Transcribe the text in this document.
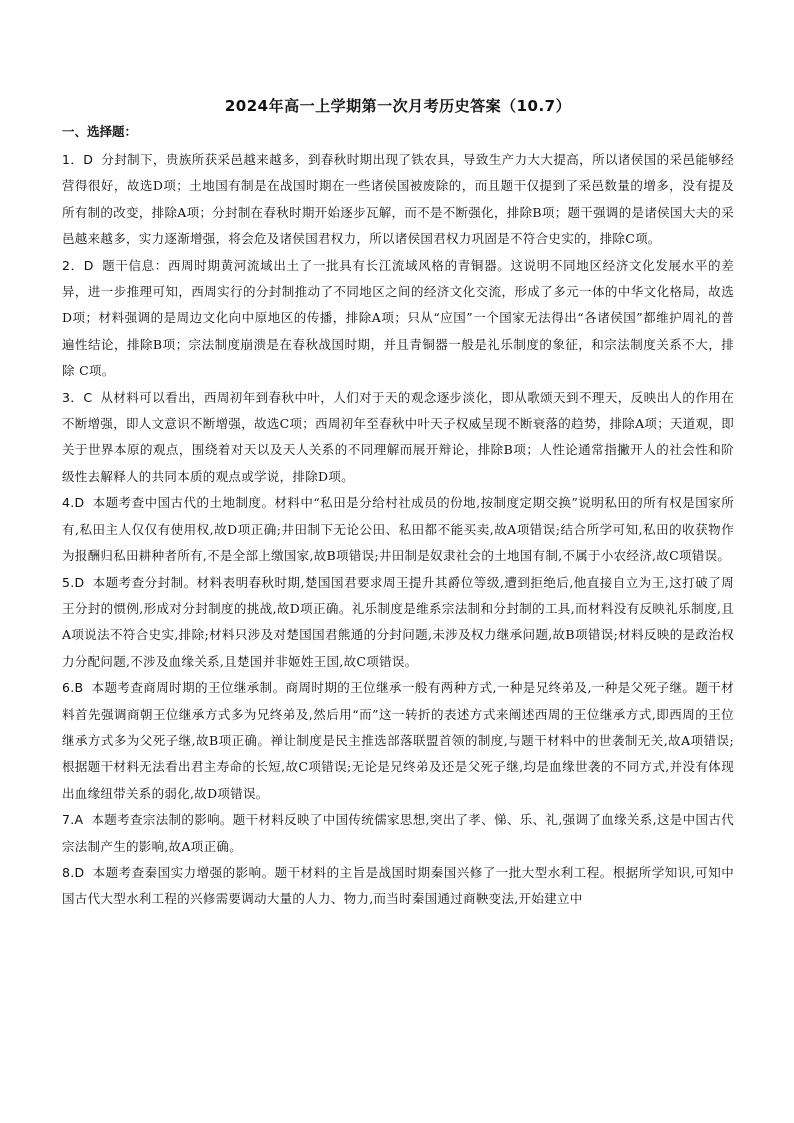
2024年高一上学期第一次月考历史答案（10.7）
一、选择题：

1．D 分封制下，贵族所获采邑越来越多，到春秋时期出现了铁农具，导致生产力大大提高，所以诸侯国的采邑能够经营得很好，故选D项；土地国有制是在战国时期在一些诸侯国被废除的，而且题干仅提到了采邑数量的增多，没有提及所有制的改变，排除A项；分封制在春秋时期开始逐步瓦解，而不是不断强化，排除B项；题干强调的是诸侯国大夫的采邑越来越多，实力逐渐增强，将会危及诸侯国君权力，所以诸侯国君权力巩固是不符合史实的，排除C项。

2．D 题干信息：西周时期黄河流域出土了一批具有长江流域风格的青铜器。这说明不同地区经济文化发展水平的差异，进一步推理可知，西周实行的分封制推动了不同地区之间的经济文化交流，形成了多元一体的中华文化格局，故选 D项；材料强调的是周边文化向中原地区的传播，排除A项；只从“应国”一个国家无法得出“各诸侯国”都维护周礼的普遍性结论，排除B项；宗法制度崩溃是在春秋战国时期，并且青铜器一般是礼乐制度的象征，和宗法制度关系不大，排除 C项。

3．C 从材料可以看出，西周初年到春秋中叶，人们对于天的观念逐步淡化，即从歌颂天到不理天，反映出人的作用在不断增强，即人文意识不断增强，故选C项；西周初年至春秋中叶天子权威呈现不断衰落的趋势，排除A项；天道观，即关于世界本原的观点，围绕着对天以及天人关系的不同理解而展开辩论，排除B项；人性论通常指撇开人的社会性和阶级性去解释人的共同本质的观点或学说，排除D项。

4.D 本题考查中国古代的土地制度。材料中“私田是分给村社成员的份地,按制度定期交换”说明私田的所有权是国家所有,私田主人仅仅有使用权,故D项正确;井田制下无论公田、私田都不能买卖,故A项错误;结合所学可知,私田的收获物作为报酬归私田耕种者所有,不是全部上缴国家,故B项错误;井田制是奴隶社会的土地国有制,不属于小农经济,故C项错误。

5.D 本题考查分封制。材料表明春秋时期,楚国国君要求周王提升其爵位等级,遭到拒绝后,他直接自立为王,这打破了周王分封的惯例,形成对分封制度的挑战,故D项正确。礼乐制度是维系宗法制和分封制的工具,而材料没有反映礼乐制度,且A项说法不符合史实,排除;材料只涉及对楚国国君熊通的分封问题,未涉及权力继承问题,故B项错误;材料反映的是政治权力分配问题,不涉及血缘关系,且楚国并非姬姓王国,故C项错误。

6.B 本题考查商周时期的王位继承制。商周时期的王位继承一般有两种方式,一种是兄终弟及,一种是父死子继。题干材料首先强调商朝王位继承方式多为兄终弟及,然后用“而”这一转折的表述方式来阐述西周的王位继承方式,即西周的王位继承方式多为父死子继,故B项正确。禅让制度是民主推选部落联盟首领的制度,与题干材料中的世袭制无关,故A项错误;根据题干材料无法看出君主寿命的长短,故C项错误;无论是兄终弟及还是父死子继,均是血缘世袭的不同方式,并没有体现出血缘纽带关系的弱化,故D项错误。

7.A 本题考查宗法制的影响。题干材料反映了中国传统儒家思想,突出了孝、悌、乐、礼,强调了血缘关系,这是中国古代宗法制产生的影响,故A项正确。

8.D 本题考查秦国实力增强的影响。题干材料的主旨是战国时期秦国兴修了一批大型水利工程。根据所学知识,可知中国古代大型水利工程的兴修需要调动大量的人力、物力,而当时秦国通过商鞅变法,开始建立中
